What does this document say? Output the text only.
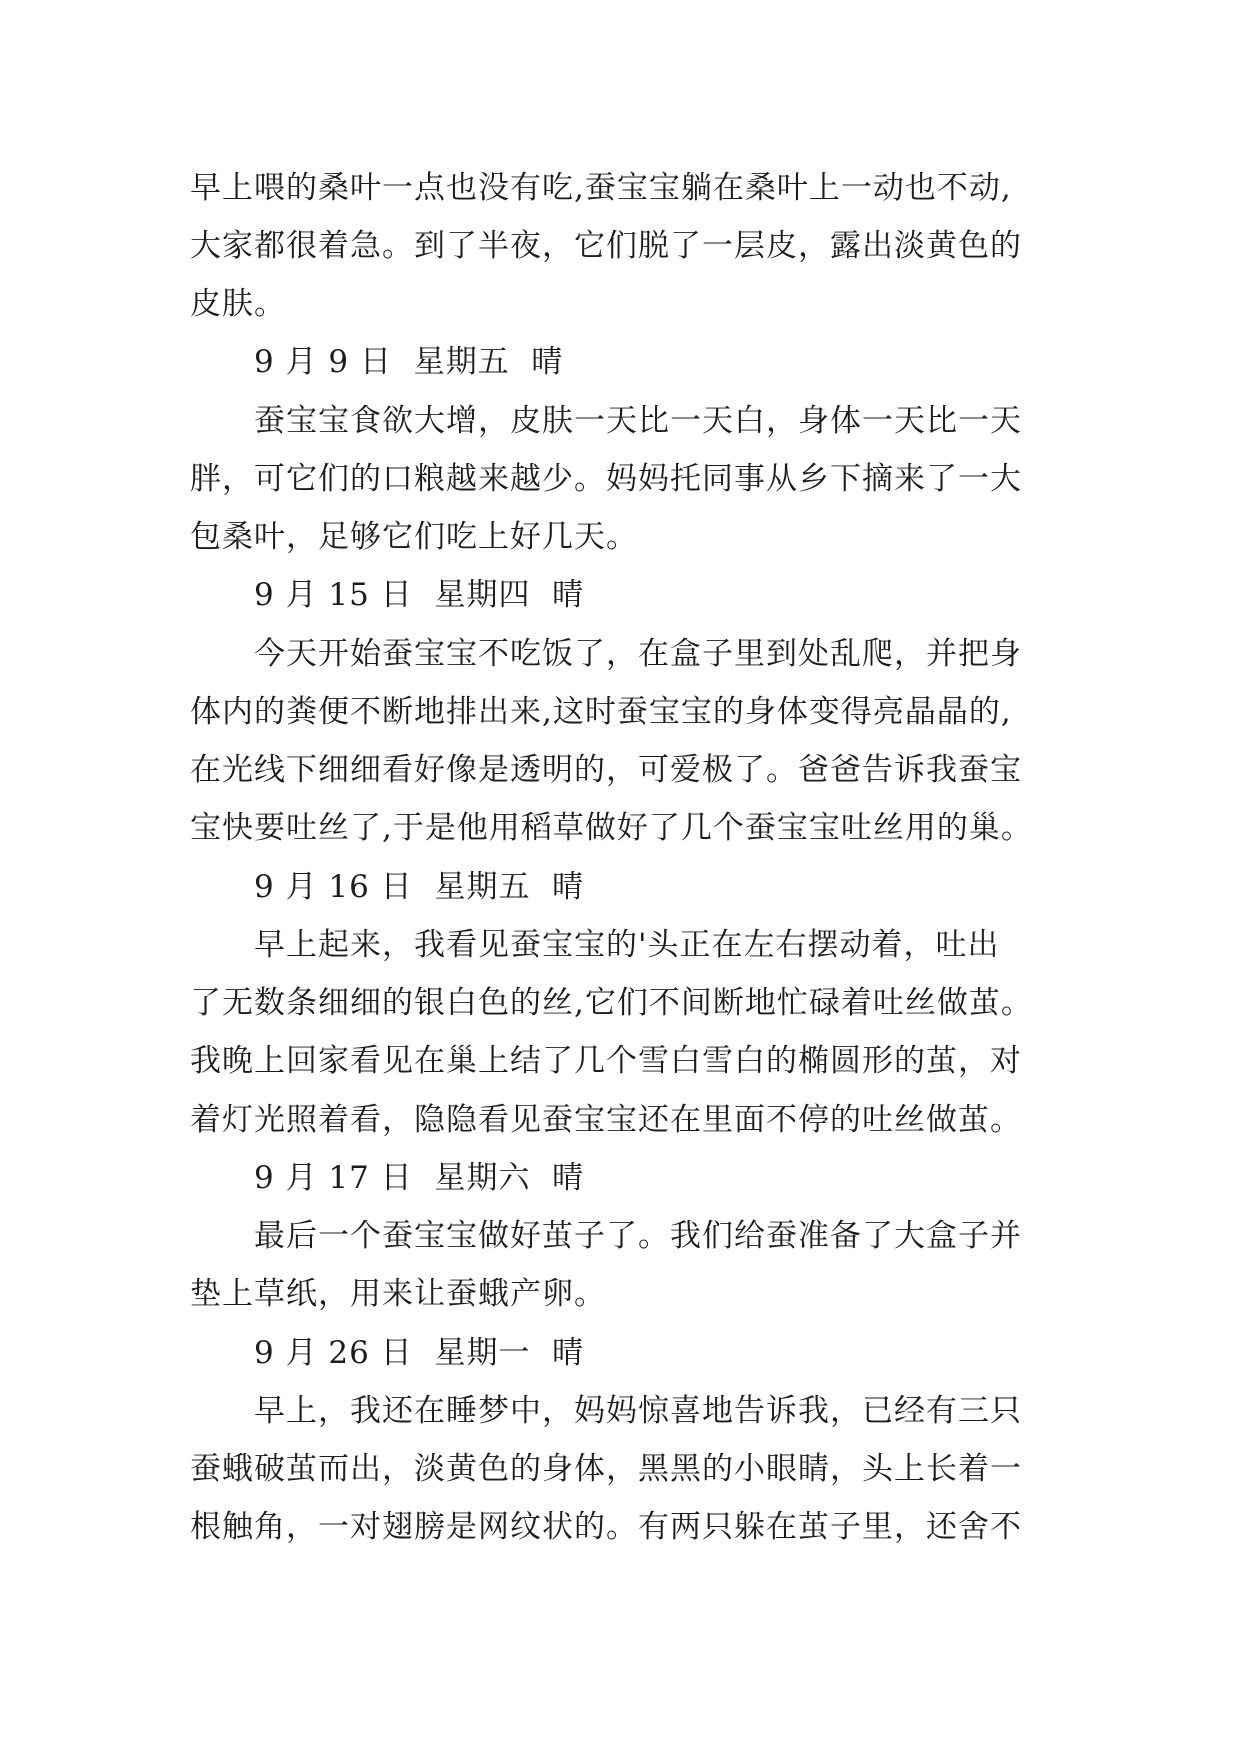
早上喂的桑叶一点也没有吃,蚕宝宝躺在桑叶上一动也不动,
大家都很着急。到了半夜，它们脱了一层皮，露出淡黄色的
皮肤。
9 月 9 日  星期五  晴
蚕宝宝食欲大增，皮肤一天比一天白，身体一天比一天
胖，可它们的口粮越来越少。妈妈托同事从乡下摘来了一大
包桑叶，足够它们吃上好几天。
9 月 15 日  星期四  晴
今天开始蚕宝宝不吃饭了，在盒子里到处乱爬，并把身
体内的粪便不断地排出来,这时蚕宝宝的身体变得亮晶晶的,
在光线下细细看好像是透明的，可爱极了。爸爸告诉我蚕宝
宝快要吐丝了,于是他用稻草做好了几个蚕宝宝吐丝用的巢。
9 月 16 日  星期五  晴
早上起来，我看见蚕宝宝的'头正在左右摆动着，吐出
了无数条细细的银白色的丝,它们不间断地忙碌着吐丝做茧。
我晚上回家看见在巢上结了几个雪白雪白的椭圆形的茧，对
着灯光照着看，隐隐看见蚕宝宝还在里面不停的吐丝做茧。
9 月 17 日  星期六  晴
最后一个蚕宝宝做好茧子了。我们给蚕准备了大盒子并
垫上草纸，用来让蚕蛾产卵。
9 月 26 日  星期一  晴
早上，我还在睡梦中，妈妈惊喜地告诉我，已经有三只
蚕蛾破茧而出，淡黄色的身体，黑黑的小眼睛，头上长着一
根触角，一对翅膀是网纹状的。有两只躲在茧子里，还舍不
